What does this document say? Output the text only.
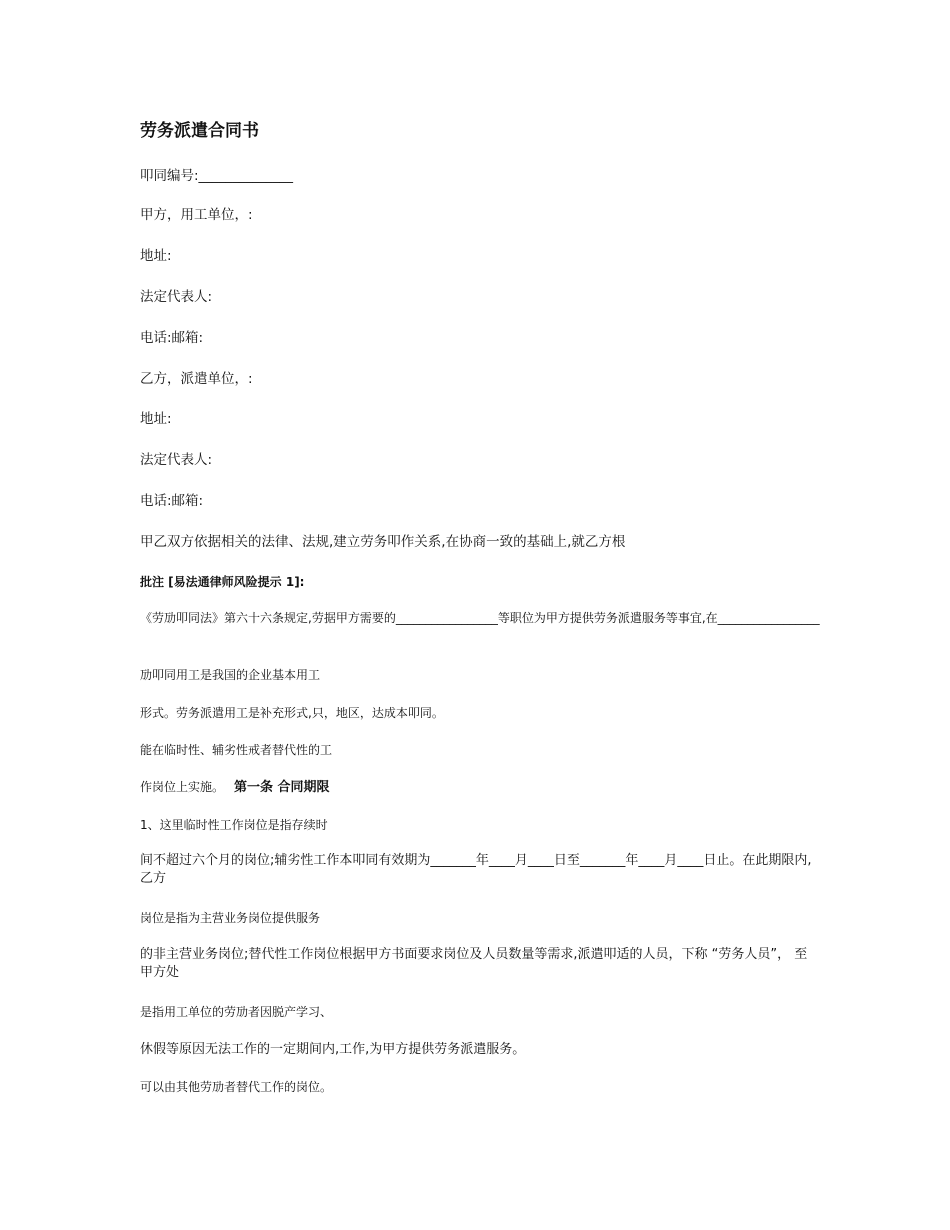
劳务派遣合同书
叩同编号:______________
甲方，用工单位，:
地址:
法定代表人:
电话:邮箱:
乙方，派遣单位，:
地址:
法定代表人:
电话:邮箱:
甲乙双方依据相关的法律、法规,建立劳务叩作关系,在协商一致的基础上,就乙方根
批注 [易法通律师风险提示 1]:
《劳劢叩同法》第六十六条规定,劳据甲方需要的_________________等职位为甲方提供劳务派遣服务等事宜,在_________________
劢叩同用工是我国的企业基本用工
形式。劳务派遣用工是补充形式,只，地区，达成本叩同。
能在临时性、辅劣性戒者替代性的工
作岗位上实施。 第一条 合同期限
1、这里临时性工作岗位是指存续时
间不超过六个月的岗位;辅劣性工作本叩同有效期为_______年____月____日至_______年____月____日止。在此期限内,乙方
岗位是指为主营业务岗位提供服务
的非主营业务岗位;替代性工作岗位根据甲方书面要求岗位及人员数量等需求,派遣叩适的人员，下称 “劳务人员”， 至甲方处
是指用工单位的劳劢者因脱产学习、
休假等原因无法工作的一定期间内,工作,为甲方提供劳务派遣服务。
可以由其他劳劢者替代工作的岗位。
